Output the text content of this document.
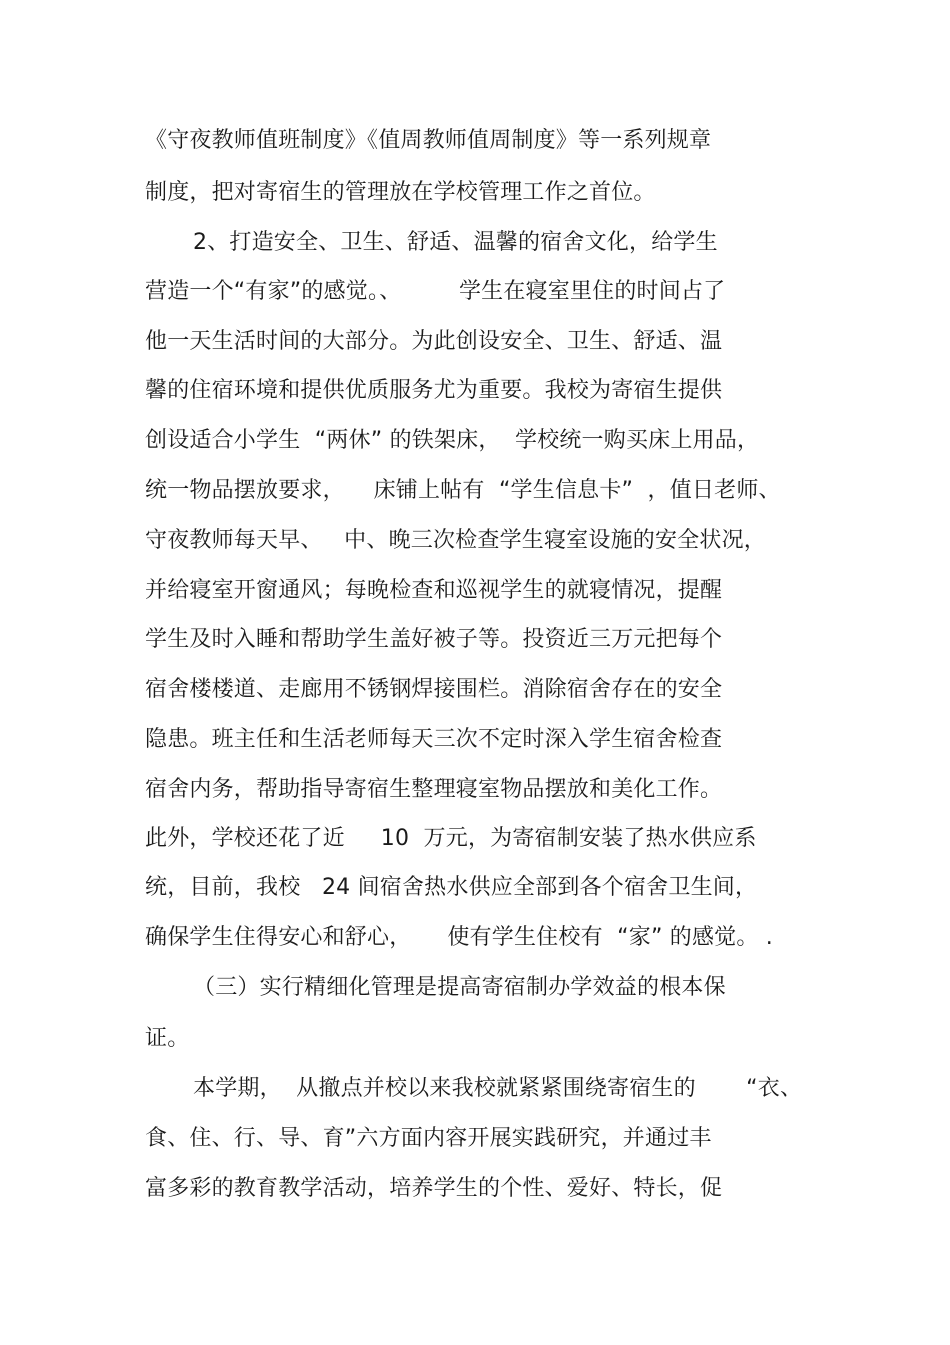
《守夜教师值班制度》《值周教师值周制度》等一系列规章
制度，把对寄宿生的管理放在学校管理工作之首位。
2、打造安全、卫生、舒适、温馨的宿舍文化，给学生
营造一个“有家”的感觉。、        学生在寝室里住的时间占了
他一天生活时间的大部分。为此创设安全、卫生、舒适、温
馨的住宿环境和提供优质服务尤为重要。我校为寄宿生提供
创设适合小学生  “两休” 的铁架床，  学校统一购买床上用品，
统一物品摆放要求，    床铺上帖有  “学生信息卡”  ，值日老师、
守夜教师每天早、   中、晚三次检查学生寝室设施的安全状况，
并给寝室开窗通风；每晚检查和巡视学生的就寝情况，提醒
学生及时入睡和帮助学生盖好被子等。投资近三万元把每个
宿舍楼楼道、走廊用不锈钢焊接围栏。消除宿舍存在的安全
隐患。班主任和生活老师每天三次不定时深入学生宿舍检查
宿舍内务，帮助指导寄宿生整理寝室物品摆放和美化工作。
此外，学校还花了近     10  万元，为寄宿制安装了热水供应系
统，目前，我校   24 间宿舍热水供应全部到各个宿舍卫生间，
确保学生住得安心和舒心，     使有学生住校有  “家” 的感觉。 .
（三）实行精细化管理是提高寄宿制办学效益的根本保
证。
本学期，  从撤点并校以来我校就紧紧围绕寄宿生的       “衣、
食、住、行、导、育”六方面内容开展实践研究，并通过丰
富多彩的教育教学活动，培养学生的个性、爱好、特长，促
